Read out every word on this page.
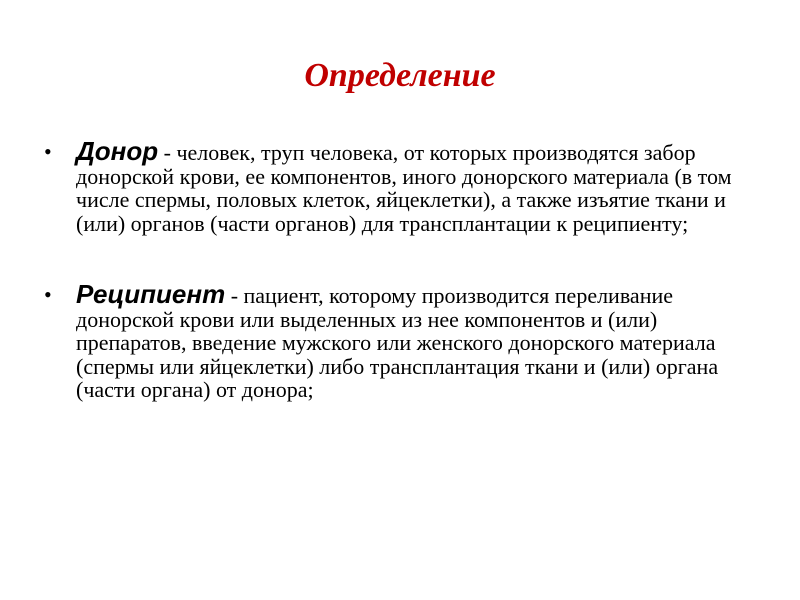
Определение
• Донор - человек, труп человека, от которых производятся забор донорской крови, ее компонентов, иного донорского материала (в том числе спермы, половых клеток, яйцеклетки), а также изъятие ткани и (или) органов (части органов) для трансплантации к реципиенту;
• Реципиент - пациент, которому производится переливание донорской крови или выделенных из нее компонентов и (или) препаратов, введение мужского или женского донорского материала (спермы или яйцеклетки) либо трансплантация ткани и (или) органа (части органа) от донора;
